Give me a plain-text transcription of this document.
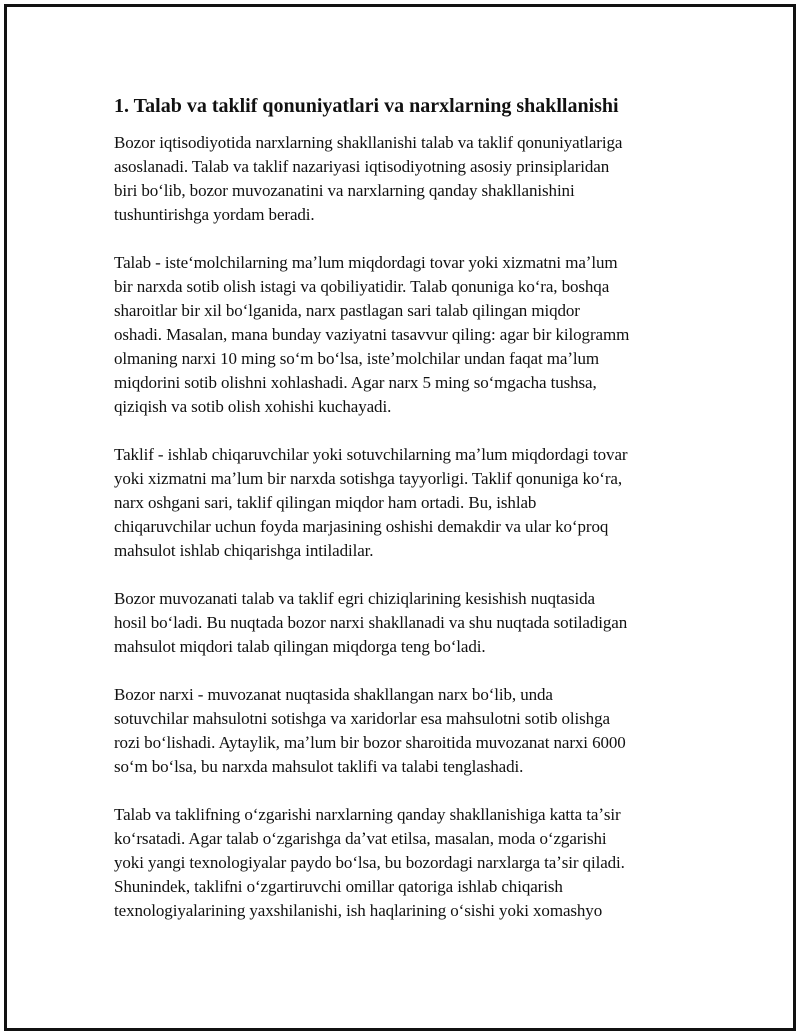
1. Talab va taklif qonuniyatlari va narxlarning shakllanishi
Bozor iqtisodiyotida narxlarning shakllanishi talab va taklif qonuniyatlariga
asoslanadi. Talab va taklif nazariyasi iqtisodiyotning asosiy prinsiplaridan
biri boʻlib, bozor muvozanatini va narxlarning qanday shakllanishini
tushuntirishga yordam beradi.
Talab - isteʻmolchilarning maʼlum miqdordagi tovar yoki xizmatni maʼlum
bir narxda sotib olish istagi va qobiliyatidir. Talab qonuniga koʻra, boshqa
sharoitlar bir xil boʻlganida, narx pastlagan sari talab qilingan miqdor
oshadi. Masalan, mana bunday vaziyatni tasavvur qiling: agar bir kilogramm
olmaning narxi 10 ming soʻm boʻlsa, isteʼmolchilar undan faqat maʼlum
miqdorini sotib olishni xohlashadi. Agar narx 5 ming soʻmgacha tushsa,
qiziqish va sotib olish xohishi kuchayadi.
Taklif - ishlab chiqaruvchilar yoki sotuvchilarning maʼlum miqdordagi tovar
yoki xizmatni maʼlum bir narxda sotishga tayyorligi. Taklif qonuniga koʻra,
narx oshgani sari, taklif qilingan miqdor ham ortadi. Bu, ishlab
chiqaruvchilar uchun foyda marjasining oshishi demakdir va ular koʻproq
mahsulot ishlab chiqarishga intiladilar.
Bozor muvozanati talab va taklif egri chiziqlarining kesishish nuqtasida
hosil boʻladi. Bu nuqtada bozor narxi shakllanadi va shu nuqtada sotiladigan
mahsulot miqdori talab qilingan miqdorga teng boʻladi.
Bozor narxi - muvozanat nuqtasida shakllangan narx boʻlib, unda
sotuvchilar mahsulotni sotishga va xaridorlar esa mahsulotni sotib olishga
rozi boʻlishadi. Aytaylik, maʼlum bir bozor sharoitida muvozanat narxi 6000
soʻm boʻlsa, bu narxda mahsulot taklifi va talabi tenglashadi.
Talab va taklifning oʻzgarishi narxlarning qanday shakllanishiga katta taʼsir
koʻrsatadi. Agar talab oʻzgarishga daʼvat etilsa, masalan, moda oʻzgarishi
yoki yangi texnologiyalar paydo boʻlsa, bu bozordagi narxlarga taʼsir qiladi.
Shunindek, taklifni oʻzgartiruvchi omillar qatoriga ishlab chiqarish
texnologiyalarining yaxshilanishi, ish haqlarining oʻsishi yoki xomashyo
